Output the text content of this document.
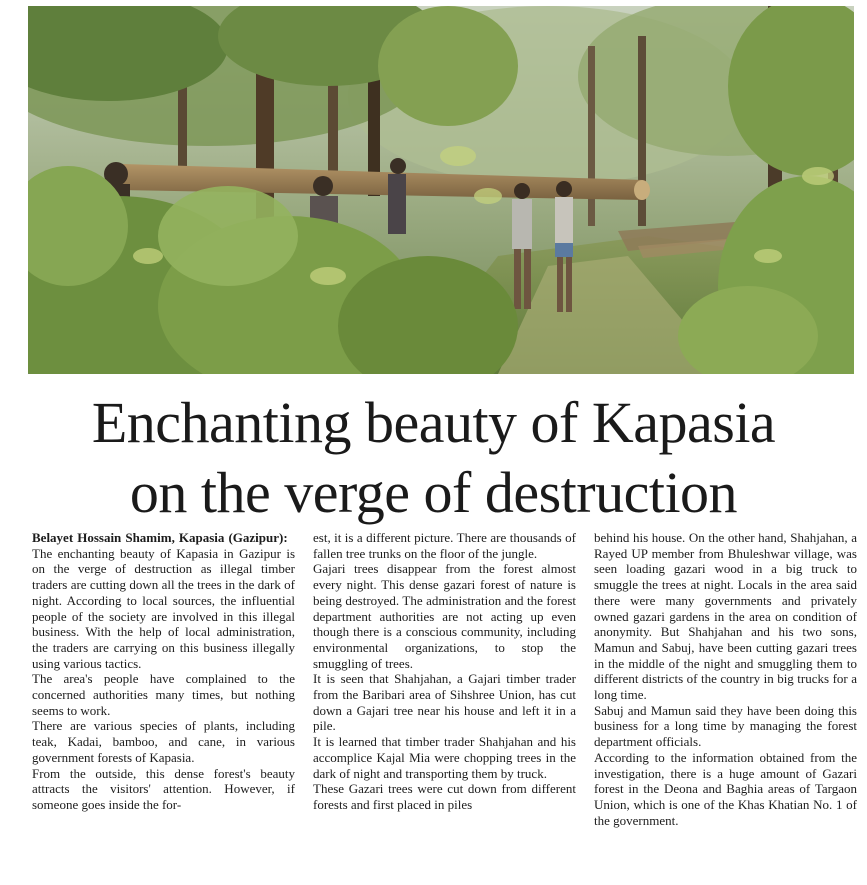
Enchanting beauty of Kapasia
on the verge of destruction

Belayet Hossain Shamim, Kapasia (Gazipur):   The enchanting beauty of Kapasia in Gazipur is on the verge of destruction as illegal timber traders are cutting down all the trees in the dark of night. According to local sources, the influential people of the society are involved in this illegal business. With the help of local administration, the traders are carrying on this business illegally using various tactics.

The area's people have complained to the concerned authorities many times, but nothing seems to work.

There are various species of plants, including teak, Kadai, bamboo, and cane, in various government forests of Kapasia.

From the outside, this dense forest's beauty attracts the visitors' attention. However, if someone goes inside the for-

est, it is a different picture. There are thousands of fallen tree trunks on the floor of the jungle.

Gajari trees disappear from the forest almost every night. This dense gazari forest of nature is being destroyed. The administration and the forest department authorities are not acting up even though there is a conscious community, including environmental organizations, to stop the smuggling of trees.

It is seen that Shahjahan, a Gajari timber trader from the Baribari area of Sihshree Union, has cut down a Gajari tree near his house and left it in a pile.

It is learned that timber trader Shahjahan and his accomplice Kajal Mia were chopping trees in the dark of night and transporting them by truck.

These Gazari trees were cut down from different forests and first placed in piles

behind his house. On the other hand, Shahjahan, a Rayed UP member from Bhuleshwar village, was seen loading gazari wood in a big truck to smuggle the trees at night. Locals in the area said there were many governments and privately owned gazari gardens in the area on condition of anonymity. But Shahjahan and his two sons, Mamun and Sabuj, have been cutting gazari trees in the middle of the night and smuggling them to different districts of the country in big trucks for a long time.

Sabuj and Mamun said they have been doing this business for a long time by managing the forest department officials.

According to the information obtained from the investigation, there is a huge amount of Gazari forest in the Deona and Baghia areas of Targaon Union, which is one of the Khas Khatian No. 1 of the government.
